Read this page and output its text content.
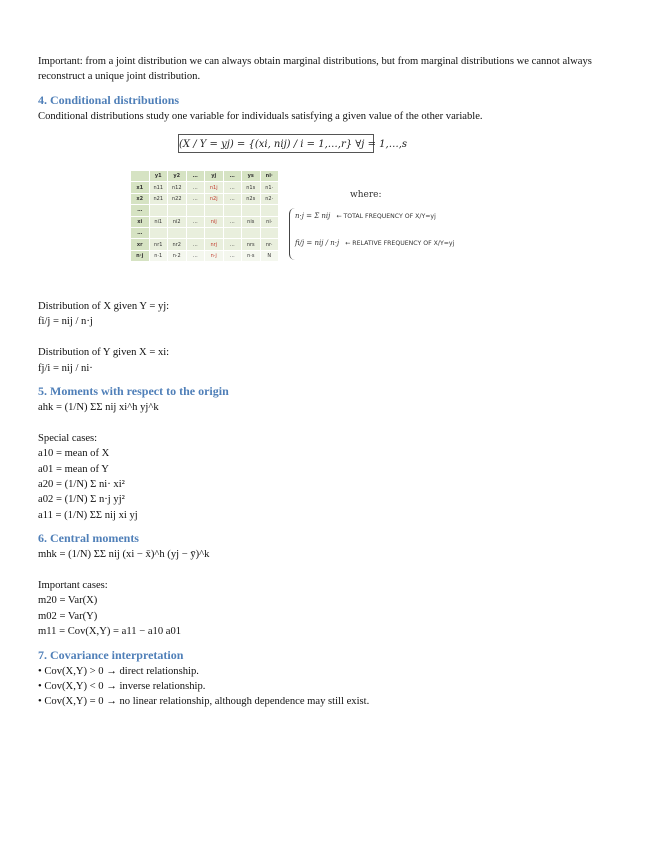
Important: from a joint distribution we can always obtain marginal distributions, but from marginal distributions we cannot always reconstruct a unique joint distribution.

4. Conditional distributions

Conditional distributions study one variable for individuals satisfying a given value of the other variable.

(X / Y = yj) = {(xi, nij) / i = 1,…,r} ∀j = 1,…,s
	y1	y2	…	yj	…	ys	ni·
x1	n11	n12	…	n1j	…	n1s	n1·
x2	n21	n22	…	n2j	…	n2s	n2·
…							
xi	ni1	ni2	…	nij	…	nis	ni·
…							
xr	nr1	nr2	…	nrj	…	nrs	nr·
n·j	n·1	n·2	…	n·j	…	n·s	N
where:
n·j = Σ nij ← TOTAL FREQUENCY OF X/Y=yj
fi/j = nij / n·j ← RELATIVE FREQUENCY OF X/Y=yj

Distribution of X given Y = yj:

fi/j = nij / n·j

Distribution of Y given X = xi:

fj/i = nij / ni·

5. Moments with respect to the origin

ahk = (1/N) ΣΣ nij xi^h yj^k

Special cases:

a10 = mean of X

a01 = mean of Y

a20 = (1/N) Σ ni· xi²

a02 = (1/N) Σ n·j yj²

a11 = (1/N) ΣΣ nij xi yj

6. Central moments

mhk = (1/N) ΣΣ nij (xi − x̄)^h (yj − ȳ)^k

Important cases:

m20 = Var(X)

m02 = Var(Y)

m11 = Cov(X,Y) = a11 − a10 a01

7. Covariance interpretation

• Cov(X,Y) > 0 → direct relationship.

• Cov(X,Y) < 0 → inverse relationship.

• Cov(X,Y) = 0 → no linear relationship, although dependence may still exist.
